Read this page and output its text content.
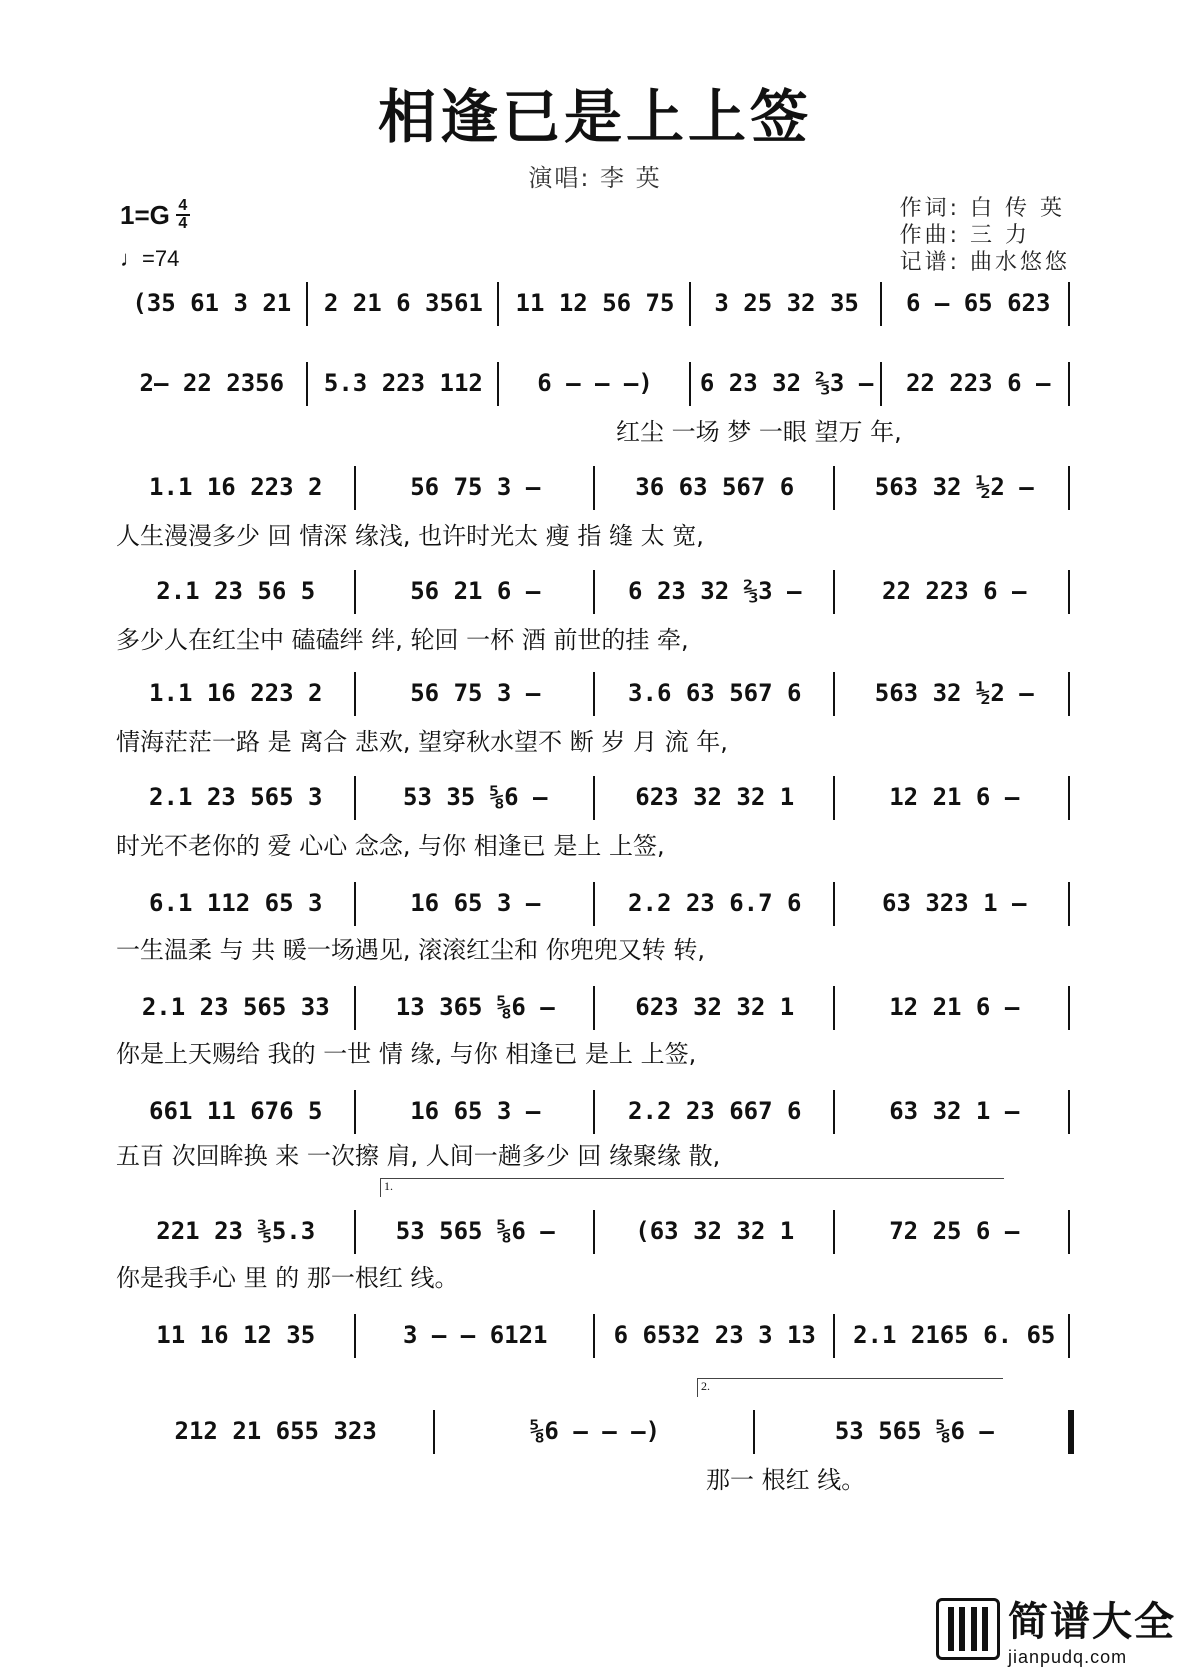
相逢已是上上签
演唱: 李 英
$1=G \frac{4}{4}$
♩=74
作词: 白 传 英
作曲: 三 力
记谱: 曲水悠悠
(35 61 3 21	2 21 6 3561	11 12 56 75	3 25 32 35	6 – 65 623
2– 22 2356	5.3 223 112	6 – – –)	6 23 32 ⅔3 –	22 223 6 –
红尘 一场 梦 一眼 望万 年,
1.1 16 223 2	56 75 3 –	36 63 567 6	563 32 ½2 –
人生漫漫多少 回 情深 缘浅, 也许时光太 瘦 指 缝 太 宽,
2.1 23 56 5	56 21 6 –	6 23 32 ⅔3 –	22 223 6 –
多少人在红尘中 磕磕绊 绊, 轮回 一杯 酒 前世的挂 牵,
1.1 16 223 2	56 75 3 –	3.6 63 567 6	563 32 ½2 –
情海茫茫一路 是 离合 悲欢, 望穿秋水望不 断 岁 月 流 年,
2.1 23 565 3	53 35 ⅝6 –	623 32 32 1	12 21 6 –
时光不老你的 爱 心心 念念, 与你 相逢已 是上 上签,
6.1 112 65 3	16 65 3 –	2.2 23 6.7 6	63 323 1 –
一生温柔 与 共 暖一场遇见, 滚滚红尘和 你兜兜又转 转,
2.1 23 565 33	13 365 ⅝6 –	623 32 32 1	12 21 6 –
你是上天赐给 我的 一世 情 缘, 与你 相逢已 是上 上签,
661 11 676 5	16 65 3 –	2.2 23 667 6	63 32 1 –
五百 次回眸换 来 一次擦 肩, 人间一趟多少 回 缘聚缘 散,
221 23 ⅗5.3	53 565 ⅝6 –	(63 32 32 1	72 25 6 –
你是我手心 里 的 那一根红 线。
11 16 12 35	3 – – 6121	6 6532 23 3 13	2.1 2165 6. 65
212 21 655 323	⅝6 – – –)	53 565 ⅝6 –
那一 根红 线。
1.
2.
简谱大全
jianpudq.com
